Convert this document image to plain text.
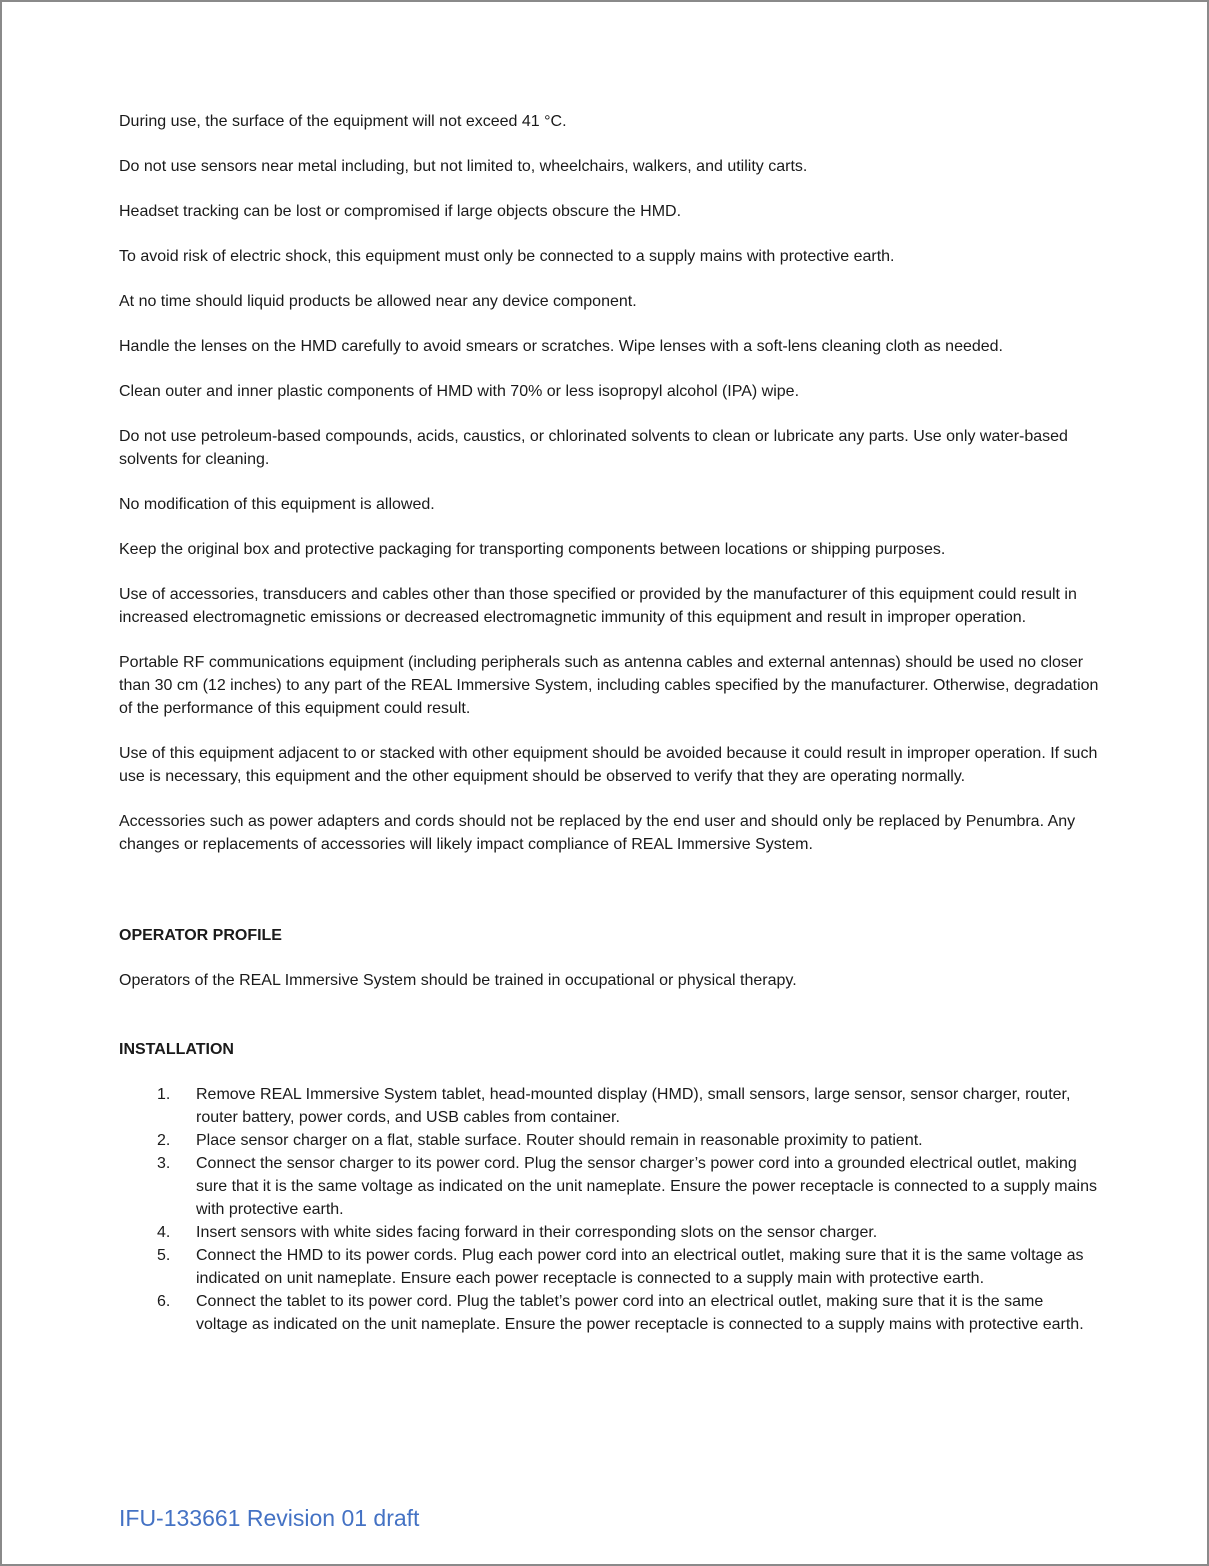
During use, the surface of the equipment will not exceed 41 °C.

Do not use sensors near metal including, but not limited to, wheelchairs, walkers, and utility carts.

Headset tracking can be lost or compromised if large objects obscure the HMD.

To avoid risk of electric shock, this equipment must only be connected to a supply mains with protective earth.

At no time should liquid products be allowed near any device component.

Handle the lenses on the HMD carefully to avoid smears or scratches. Wipe lenses with a soft-lens cleaning cloth as needed.

Clean outer and inner plastic components of HMD with 70% or less isopropyl alcohol (IPA) wipe.

Do not use petroleum-based compounds, acids, caustics, or chlorinated solvents to clean or lubricate any parts. Use only water-based solvents for cleaning.

No modification of this equipment is allowed.

Keep the original box and protective packaging for transporting components between locations or shipping purposes.

Use of accessories, transducers and cables other than those specified or provided by the manufacturer of this equipment could result in increased electromagnetic emissions or decreased electromagnetic immunity of this equipment and result in improper operation.

Portable RF communications equipment (including peripherals such as antenna cables and external antennas) should be used no closer than 30 cm (12 inches) to any part of the REAL Immersive System, including cables specified by the manufacturer. Otherwise, degradation of the performance of this equipment could result.

Use of this equipment adjacent to or stacked with other equipment should be avoided because it could result in improper operation. If such use is necessary, this equipment and the other equipment should be observed to verify that they are operating normally.

Accessories such as power adapters and cords should not be replaced by the end user and should only be replaced by Penumbra. Any changes or replacements of accessories will likely impact compliance of REAL Immersive System.

OPERATOR PROFILE

Operators of the REAL Immersive System should be trained in occupational or physical therapy.

INSTALLATION

1.	Remove REAL Immersive System tablet, head-mounted display (HMD), small sensors, large sensor, sensor charger, router, router battery, power cords, and USB cables from container.
2.	Place sensor charger on a flat, stable surface. Router should remain in reasonable proximity to patient.
3.	Connect the sensor charger to its power cord. Plug the sensor charger’s power cord into a grounded electrical outlet, making sure that it is the same voltage as indicated on the unit nameplate. Ensure the power receptacle is connected to a supply mains with protective earth.
4.	Insert sensors with white sides facing forward in their corresponding slots on the sensor charger.
5.	Connect the HMD to its power cords. Plug each power cord into an electrical outlet, making sure that it is the same voltage as indicated on unit nameplate. Ensure each power receptacle is connected to a supply main with protective earth.
6.	Connect the tablet to its power cord. Plug the tablet’s power cord into an electrical outlet, making sure that it is the same voltage as indicated on the unit nameplate. Ensure the power receptacle is connected to a supply mains with protective earth.
IFU-133661 Revision 01 draft
